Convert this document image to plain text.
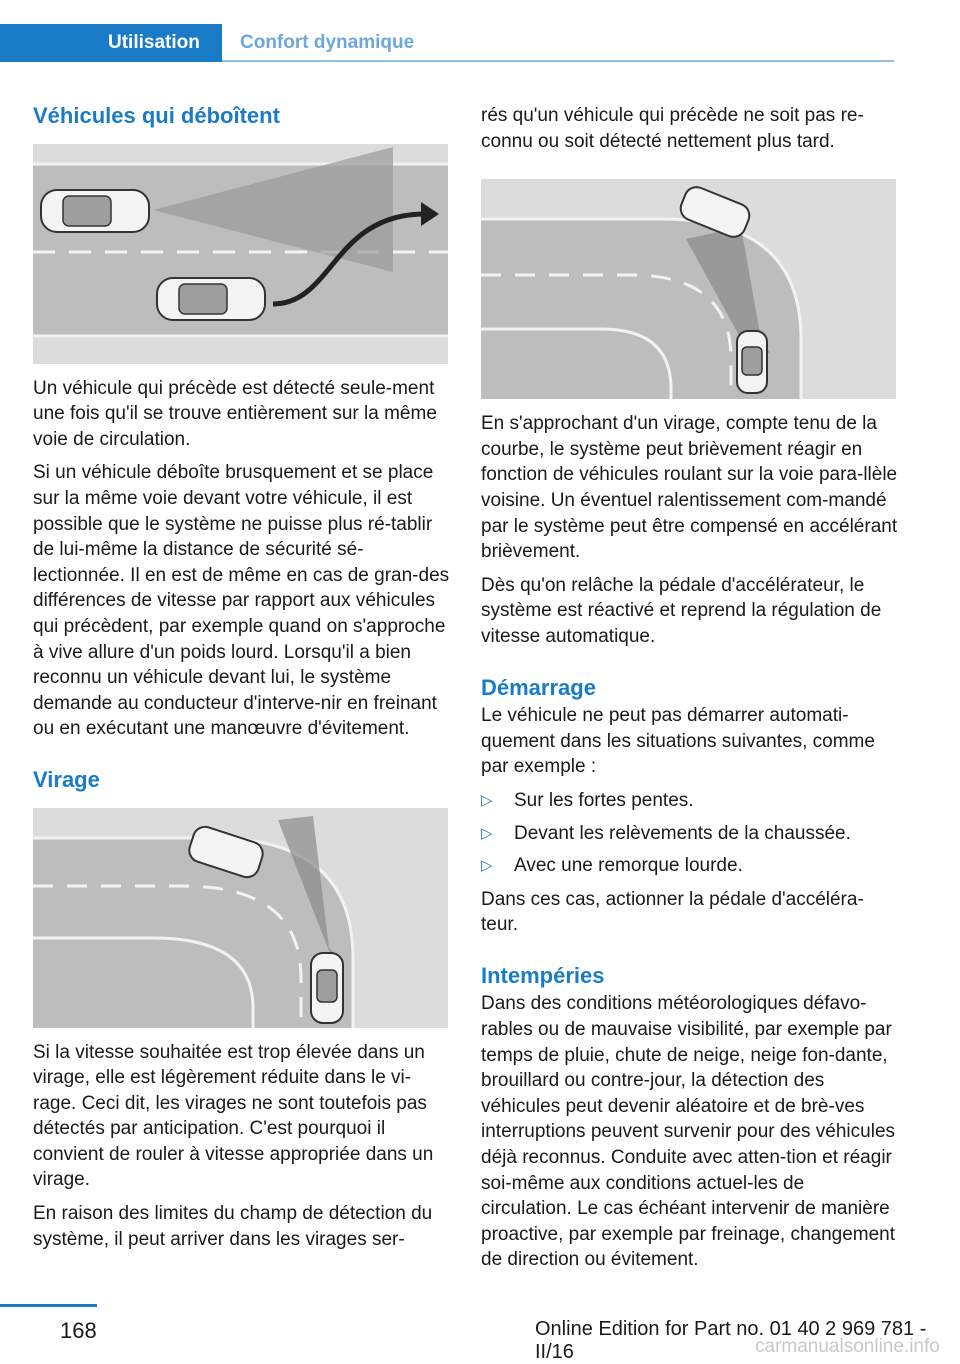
Utilisation Confort dynamique
Véhicules qui déboîtent

Un véhicule qui précède est détecté seule-ment une fois qu'il se trouve entièrement sur la même voie de circulation.

Si un véhicule déboîte brusquement et se place sur la même voie devant votre véhicule, il est possible que le système ne puisse plus ré-tablir de lui-même la distance de sécurité sé-lectionnée. Il en est de même en cas de gran-des différences de vitesse par rapport aux véhicules qui précèdent, par exemple quand on s'approche à vive allure d'un poids lourd. Lorsqu'il a bien reconnu un véhicule devant lui, le système demande au conducteur d'interve-nir en freinant ou en exécutant une manœuvre d'évitement.

Virage

Si la vitesse souhaitée est trop élevée dans un virage, elle est légèrement réduite dans le vi-rage. Ceci dit, les virages ne sont toutefois pas détectés par anticipation. C'est pourquoi il convient de rouler à vitesse appropriée dans un virage.

En raison des limites du champ de détection du système, il peut arriver dans les virages ser-

rés qu'un véhicule qui précède ne soit pas re-connu ou soit détecté nettement plus tard.

En s'approchant d'un virage, compte tenu de la courbe, le système peut brièvement réagir en fonction de véhicules roulant sur la voie para-llèle voisine. Un éventuel ralentissement com-mandé par le système peut être compensé en accélérant brièvement.

Dès qu'on relâche la pédale d'accélérateur, le système est réactivé et reprend la régulation de vitesse automatique.

Démarrage

Le véhicule ne peut pas démarrer automati-quement dans les situations suivantes, comme par exemple :

▷ Sur les fortes pentes.
▷ Devant les relèvements de la chaussée.
▷ Avec une remorque lourde.

Dans ces cas, actionner la pédale d'accéléra-teur.

Intempéries

Dans des conditions météorologiques défavo-rables ou de mauvaise visibilité, par exemple par temps de pluie, chute de neige, neige fon-dante, brouillard ou contre-jour, la détection des véhicules peut devenir aléatoire et de brè-ves interruptions peuvent survenir pour des véhicules déjà reconnus. Conduite avec atten-tion et réagir soi-même aux conditions actuel-les de circulation. Le cas échéant intervenir de manière proactive, par exemple par freinage, changement de direction ou évitement.

168	Online Edition for Part no. 01 40 2 969 781 - II/16	carmanualsonline.info
